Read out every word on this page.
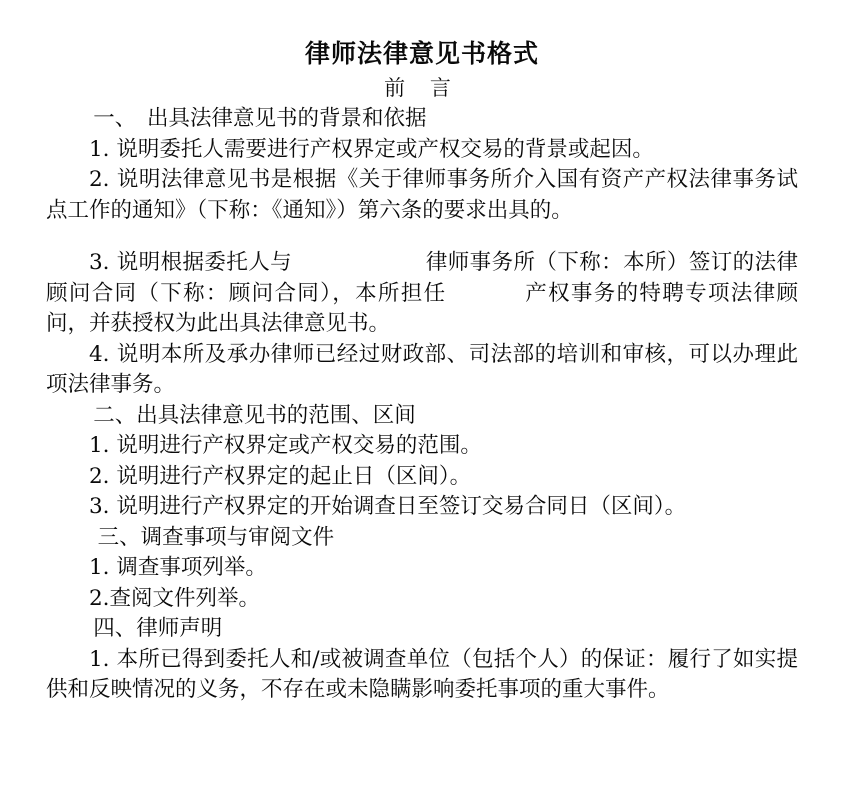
律师法律意见书格式
前 言

一、　出具法律意见书的背景和依据

1. 说明委托人需要进行产权界定或产权交易的背景或起因。

2. 说明法律意见书是根据《关于律师事务所介入国有资产产权法律事务试点工作的通知》（下称：《通知》）第六条的要求出具的。

3. 说明根据委托人与	律师事务所（下称：本所）签订的法律顾问合同（下称：顾问合同），本所担任	产权事务的特聘专项法律顾问，并获授权为此出具法律意见书。

4. 说明本所及承办律师已经过财政部、司法部的培训和审核，可以办理此项法律事务。

二、出具法律意见书的范围、区间

1. 说明进行产权界定或产权交易的范围。

2. 说明进行产权界定的起止日（区间）。

3. 说明进行产权界定的开始调查日至签订交易合同日（区间）。

三、调查事项与审阅文件

1. 调查事项列举。

2.查阅文件列举。

四、律师声明

1. 本所已得到委托人和/或被调查单位（包括个人）的保证：履行了如实提供和反映情况的义务，不存在或未隐瞒影响委托事项的重大事件。
